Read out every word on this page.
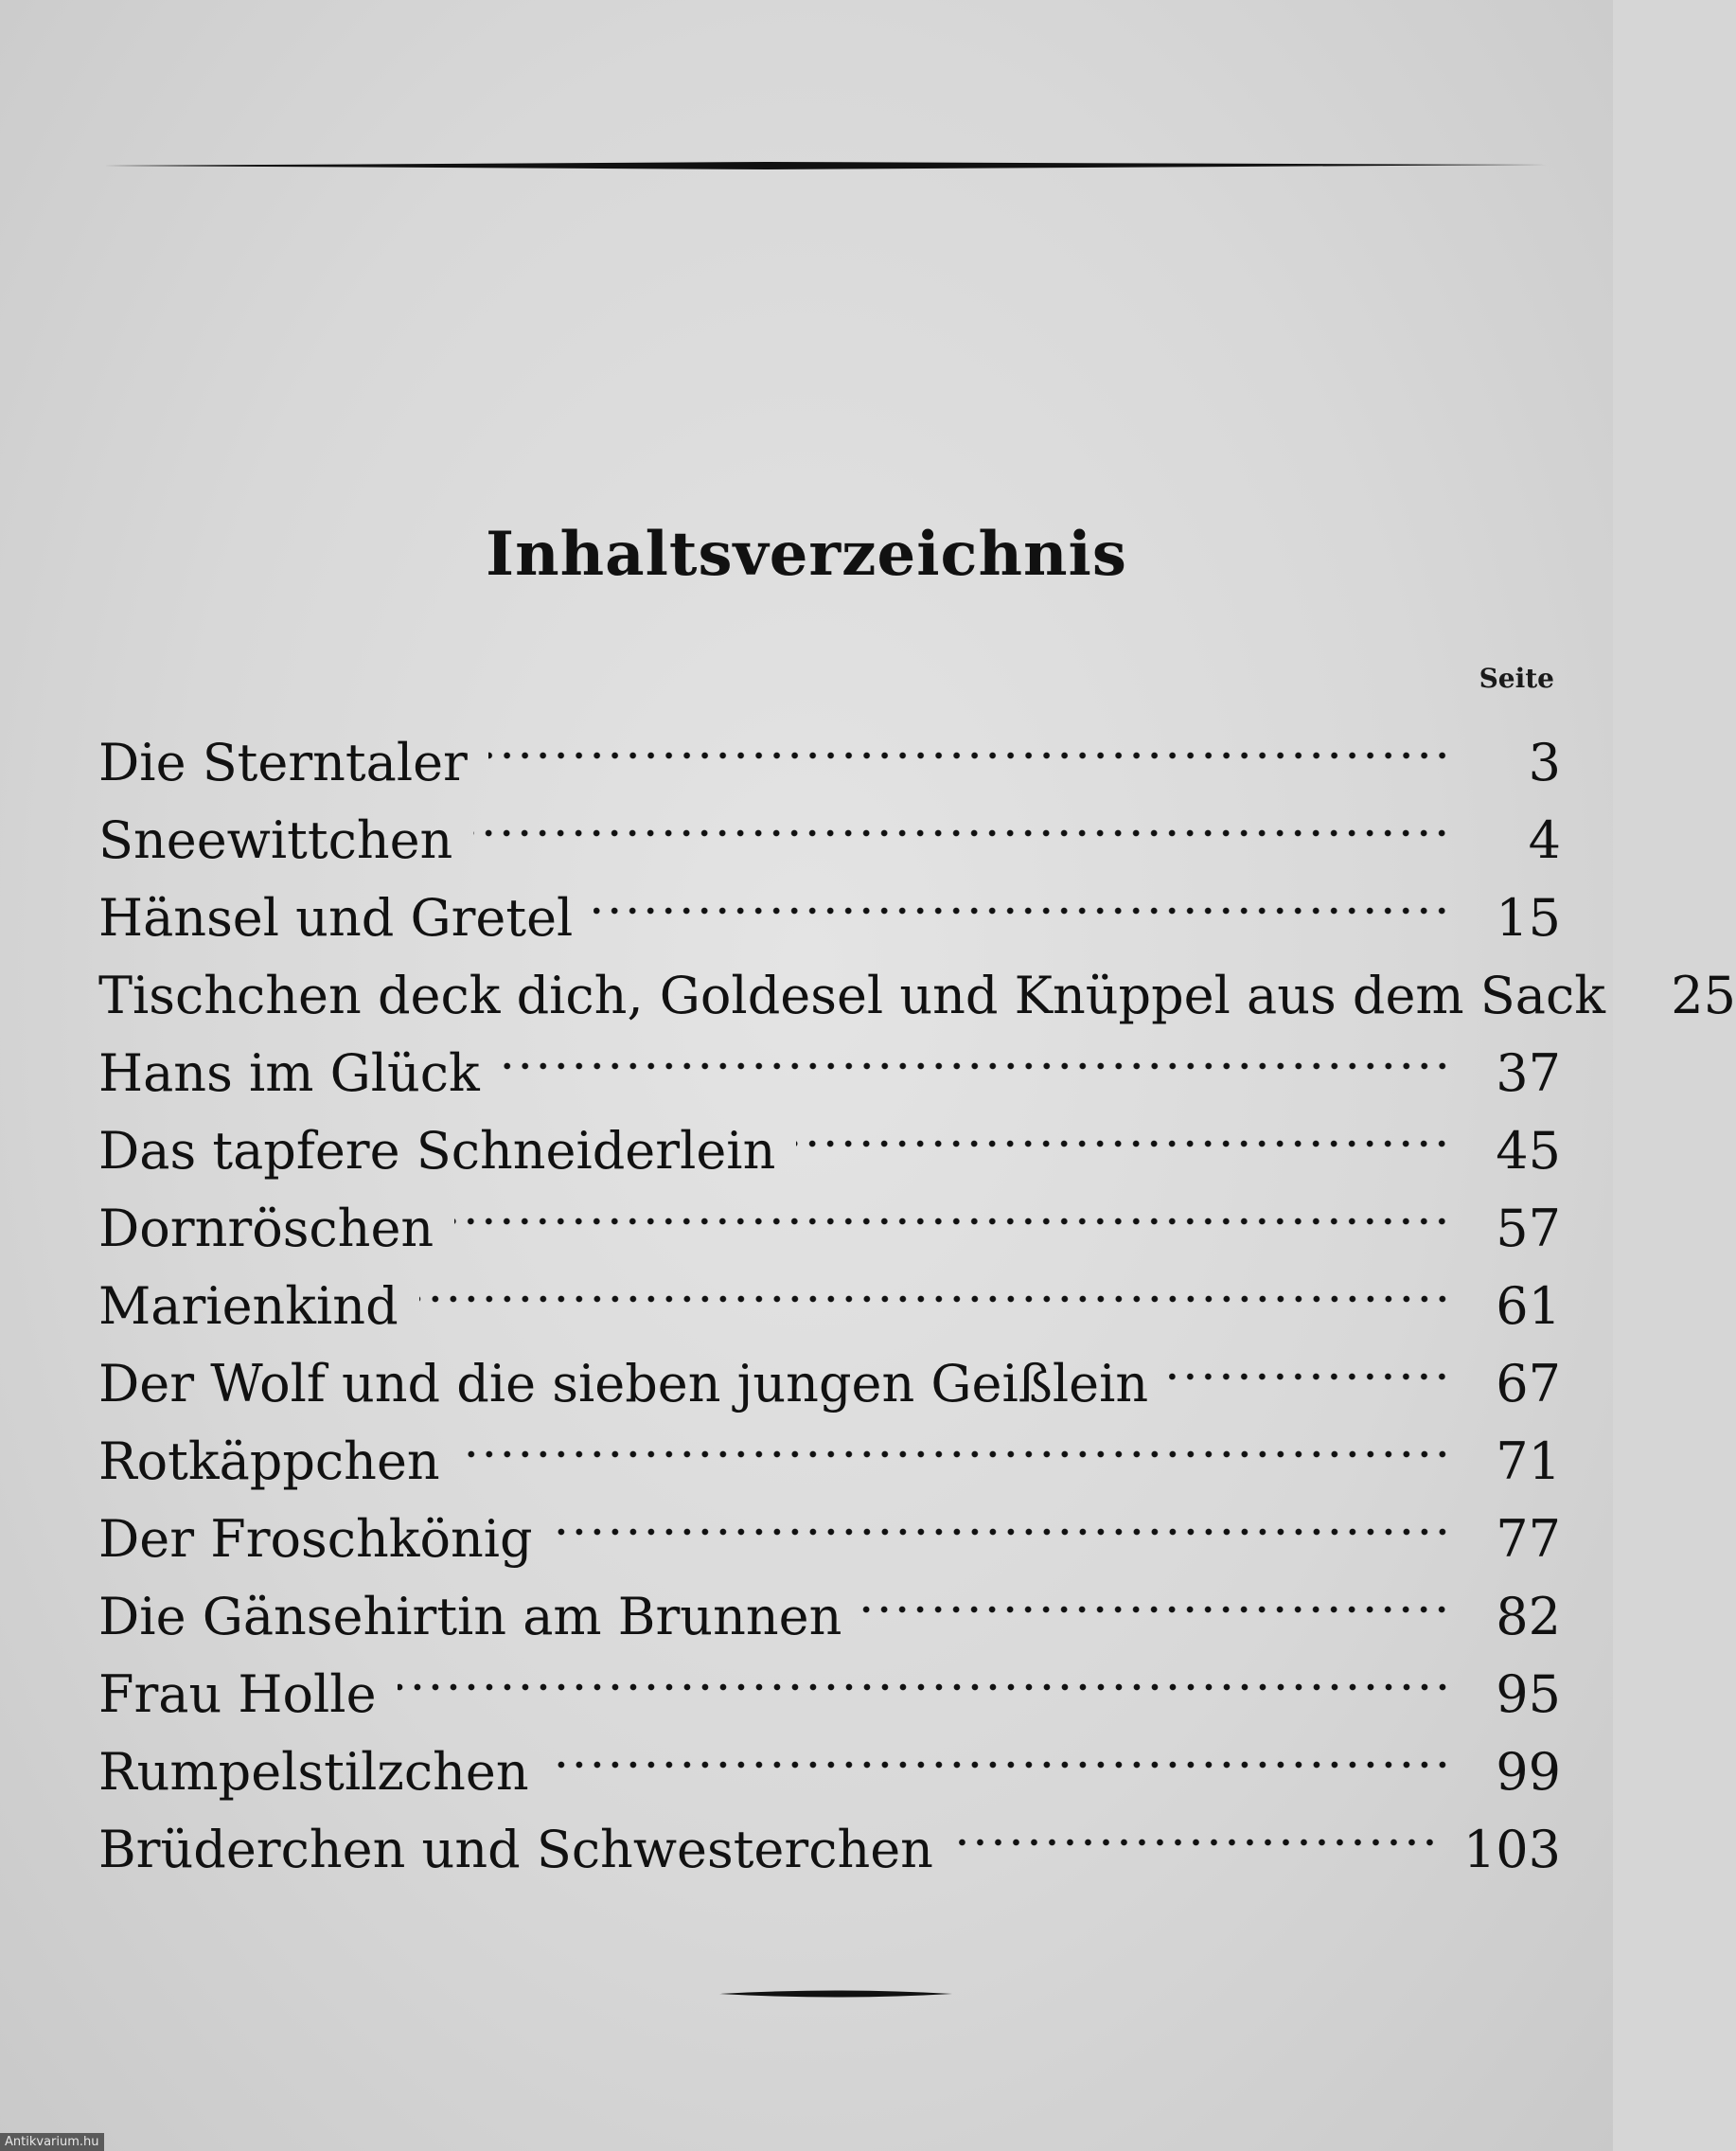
Inhaltsverzeichnis
Seite
Die Sterntaler	3
Sneewittchen	4
Hänsel und Gretel	15
Tischchen deck dich, Goldesel und Knüppel aus dem Sack	25
Hans im Glück	37
Das tapfere Schneiderlein	45
Dornröschen	57
Marienkind	61
Der Wolf und die sieben jungen Geißlein	67
Rotkäppchen	71
Der Froschkönig	77
Die Gänsehirtin am Brunnen	82
Frau Holle	95
Rumpelstilzchen	99
Brüderchen und Schwesterchen	103
Antikvarium.hu
